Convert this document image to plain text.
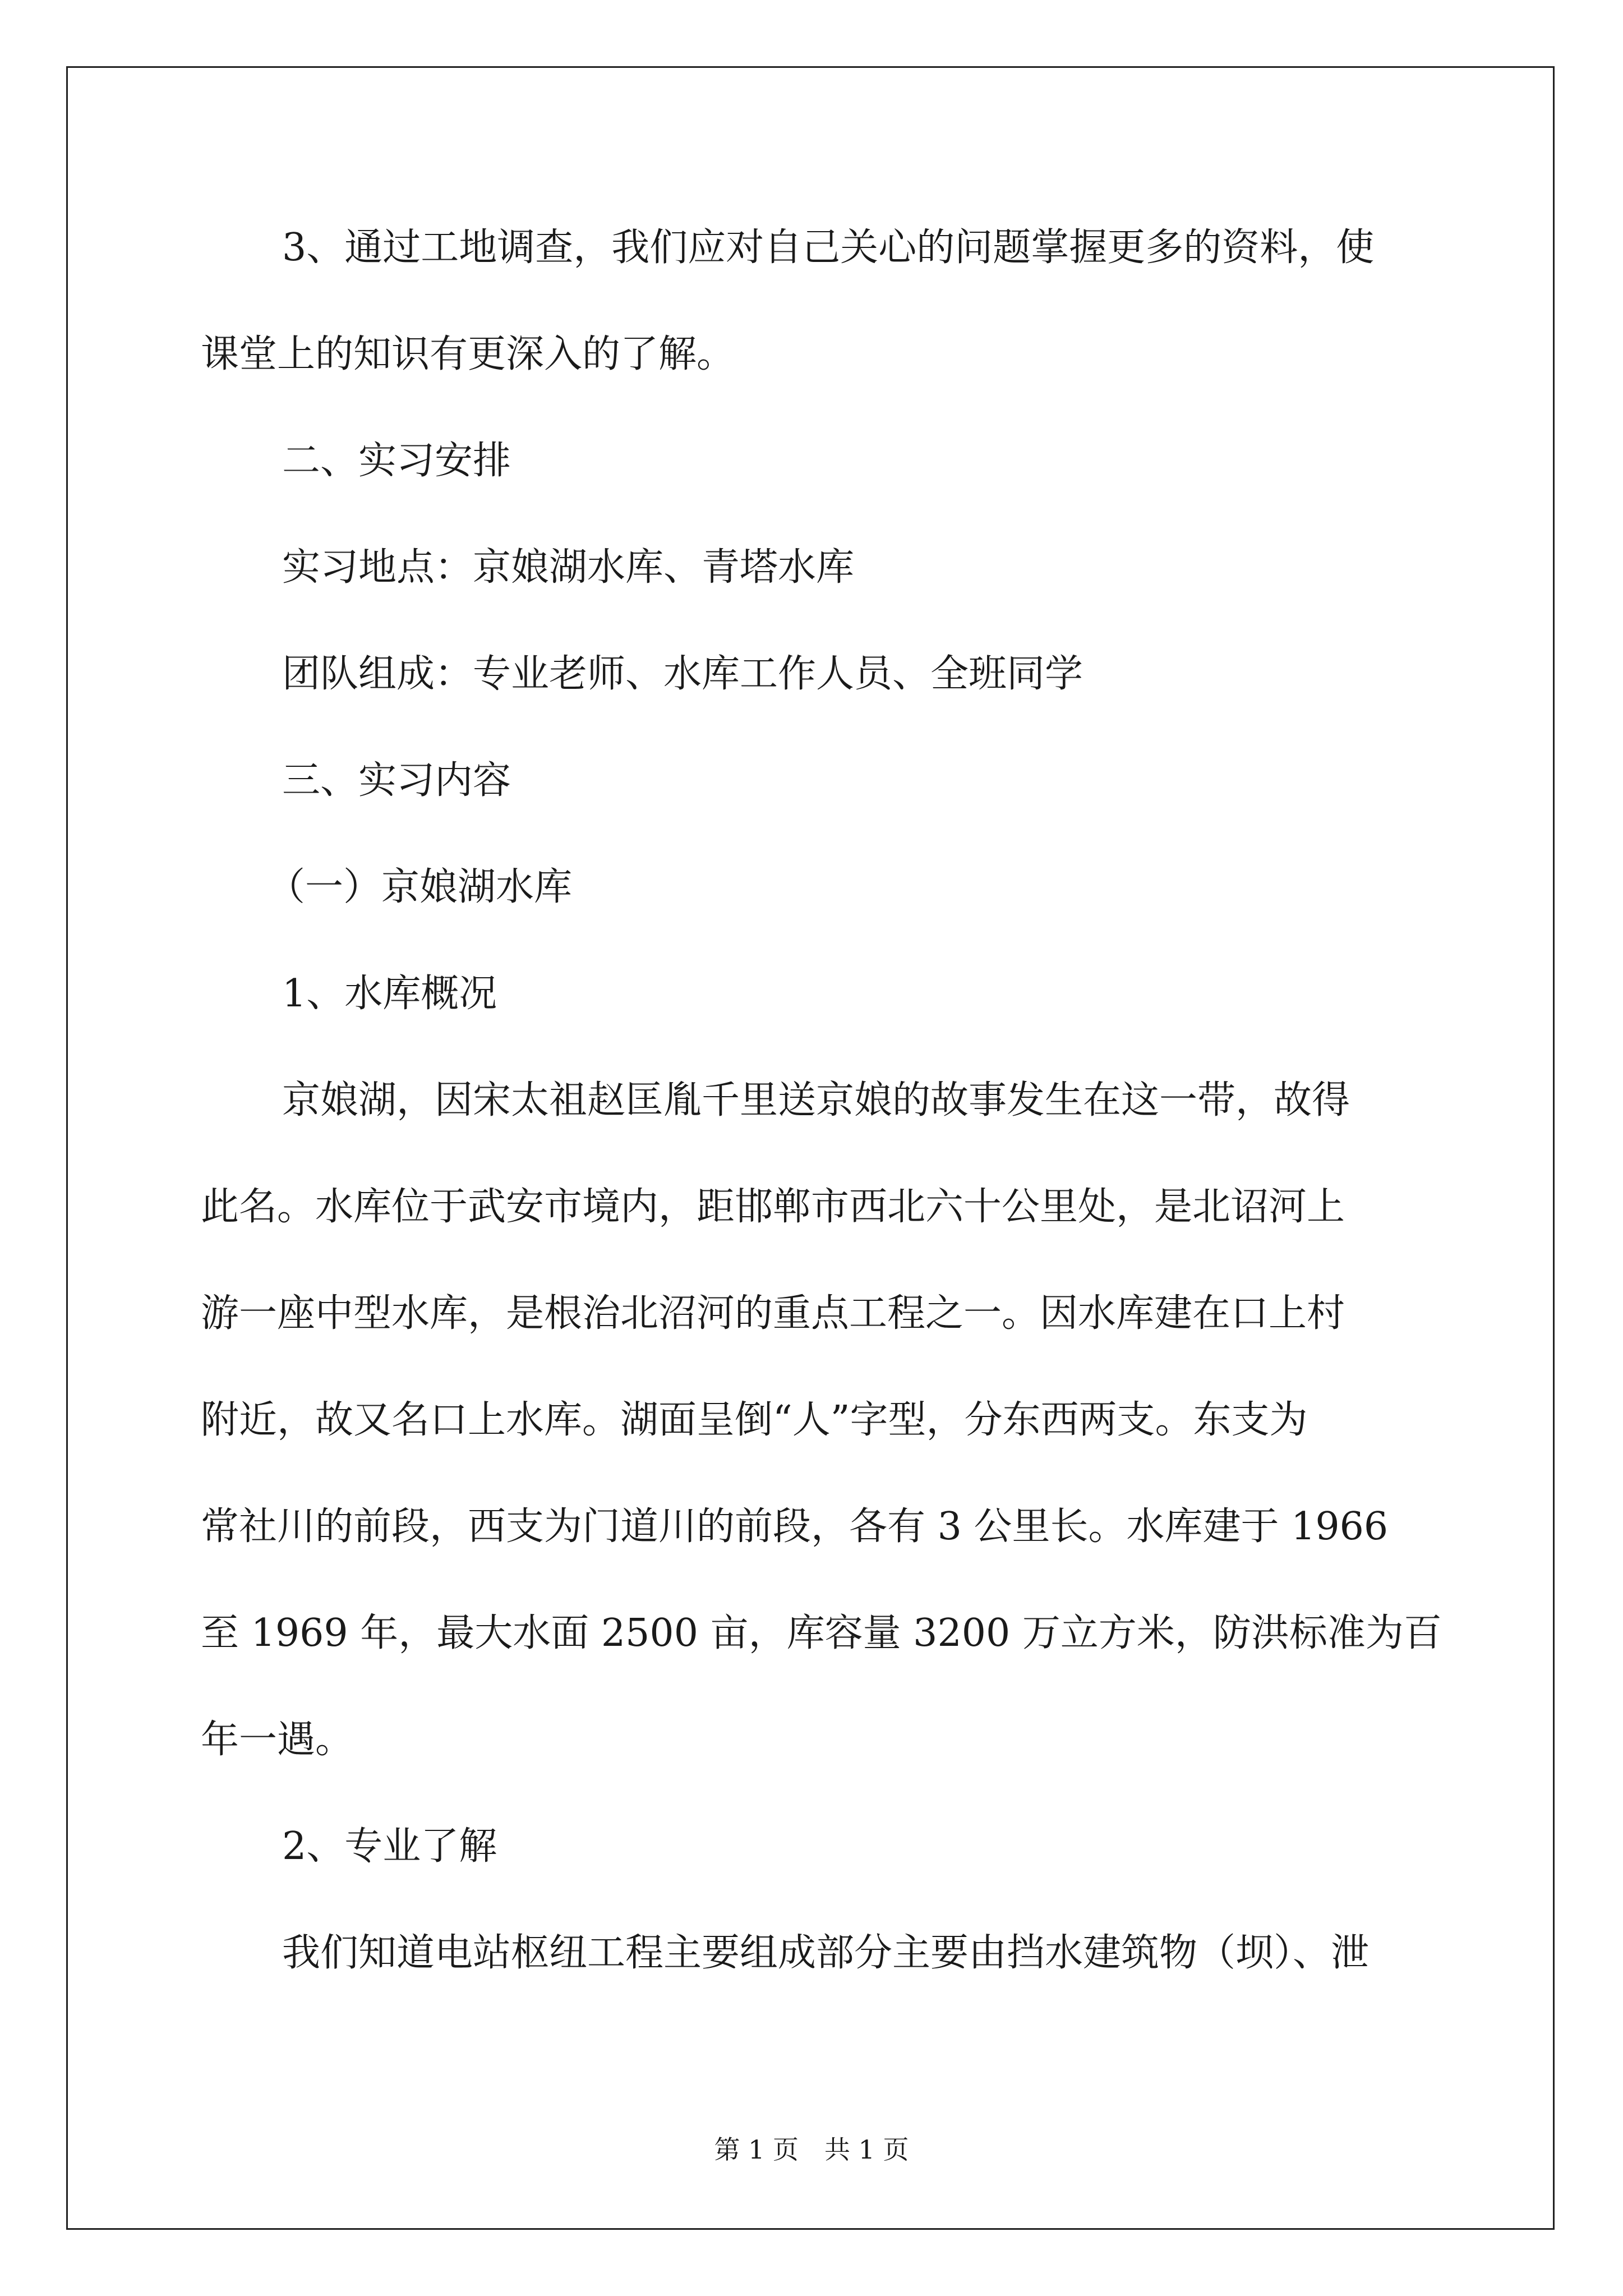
3、通过工地调查，我们应对自己关心的问题掌握更多的资料，使
课堂上的知识有更深入的了解。
二、实习安排
实习地点：京娘湖水库、青塔水库
团队组成：专业老师、水库工作人员、全班同学
三、实习内容
（一）京娘湖水库
1、水库概况
京娘湖，因宋太祖赵匡胤千里送京娘的故事发生在这一带，故得
此名。水库位于武安市境内，距邯郸市西北六十公里处，是北诏河上
游一座中型水库，是根治北沼河的重点工程之一。因水库建在口上村
附近，故又名口上水库。湖面呈倒“人”字型，分东西两支。东支为
常社川的前段，西支为门道川的前段，各有 3 公里长。水库建于 1966
至 1969 年，最大水面 2500 亩，库容量 3200 万立方米，防洪标准为百
年一遇。
2、专业了解
我们知道电站枢纽工程主要组成部分主要由挡水建筑物（坝）、泄
第 1 页　共 1 页
